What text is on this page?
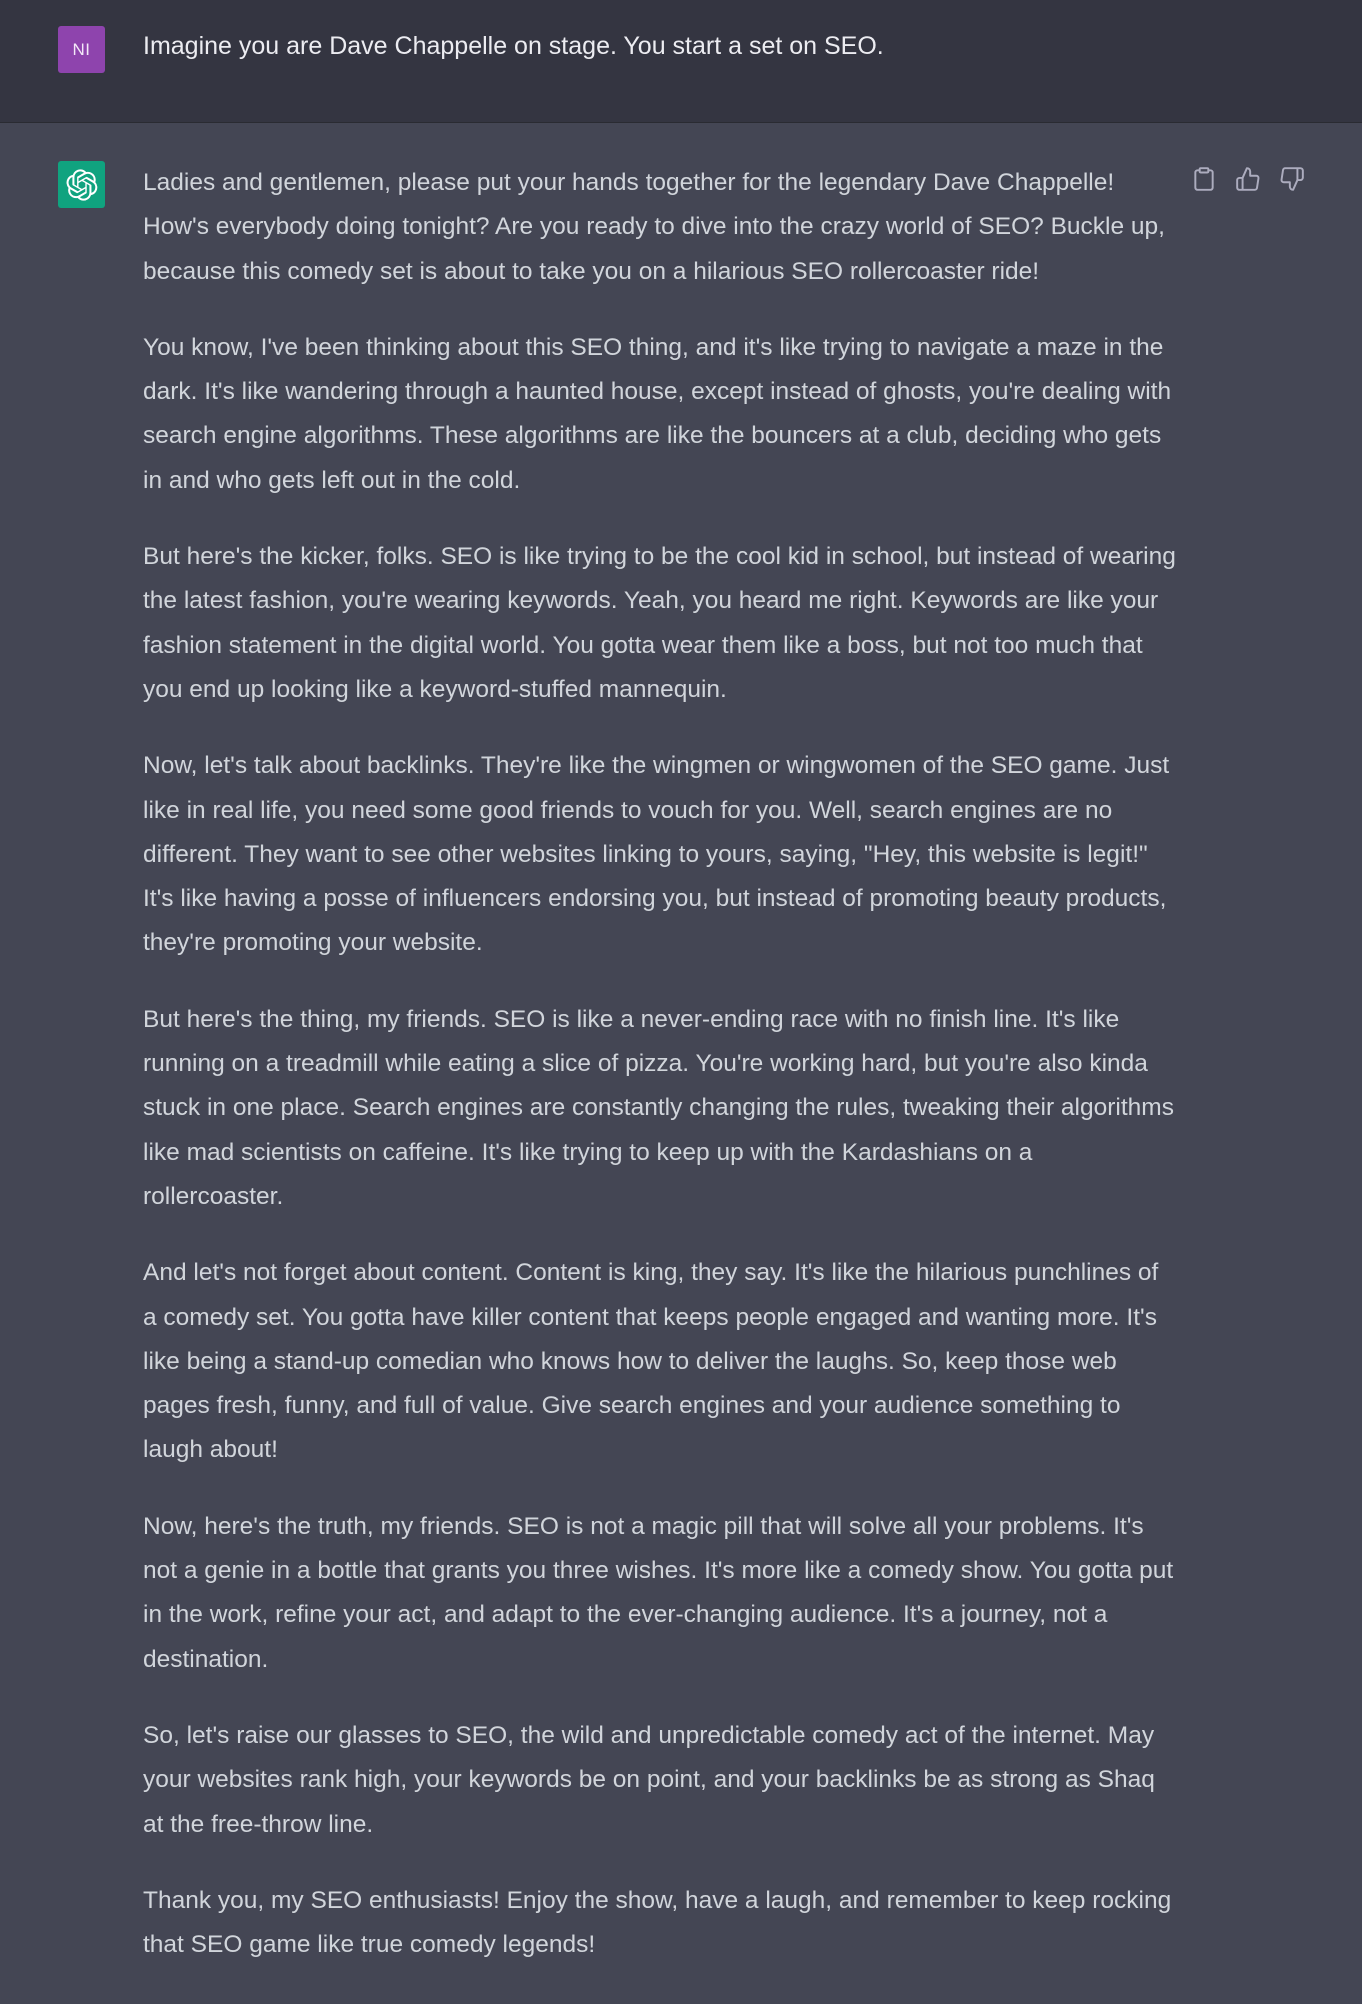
NI Imagine you are Dave Chappelle on stage. You start a set on SEO.

Ladies and gentlemen, please put your hands together for the legendary Dave Chappelle! How's everybody doing tonight? Are you ready to dive into the crazy world of SEO? Buckle up, because this comedy set is about to take you on a hilarious SEO rollercoaster ride!

You know, I've been thinking about this SEO thing, and it's like trying to navigate a maze in the dark. It's like wandering through a haunted house, except instead of ghosts, you're dealing with search engine algorithms. These algorithms are like the bouncers at a club, deciding who gets in and who gets left out in the cold.

But here's the kicker, folks. SEO is like trying to be the cool kid in school, but instead of wearing the latest fashion, you're wearing keywords. Yeah, you heard me right. Keywords are like your fashion statement in the digital world. You gotta wear them like a boss, but not too much that you end up looking like a keyword-stuffed mannequin.

Now, let's talk about backlinks. They're like the wingmen or wingwomen of the SEO game. Just like in real life, you need some good friends to vouch for you. Well, search engines are no different. They want to see other websites linking to yours, saying, "Hey, this website is legit!" It's like having a posse of influencers endorsing you, but instead of promoting beauty products, they're promoting your website.

But here's the thing, my friends. SEO is like a never-ending race with no finish line. It's like running on a treadmill while eating a slice of pizza. You're working hard, but you're also kinda stuck in one place. Search engines are constantly changing the rules, tweaking their algorithms like mad scientists on caffeine. It's like trying to keep up with the Kardashians on a rollercoaster.

And let's not forget about content. Content is king, they say. It's like the hilarious punchlines of a comedy set. You gotta have killer content that keeps people engaged and wanting more. It's like being a stand-up comedian who knows how to deliver the laughs. So, keep those web pages fresh, funny, and full of value. Give search engines and your audience something to laugh about!

Now, here's the truth, my friends. SEO is not a magic pill that will solve all your problems. It's not a genie in a bottle that grants you three wishes. It's more like a comedy show. You gotta put in the work, refine your act, and adapt to the ever-changing audience. It's a journey, not a destination.

So, let's raise our glasses to SEO, the wild and unpredictable comedy act of the internet. May your websites rank high, your keywords be on point, and your backlinks be as strong as Shaq at the free-throw line.

Thank you, my SEO enthusiasts! Enjoy the show, have a laugh, and remember to keep rocking that SEO game like true comedy legends!
